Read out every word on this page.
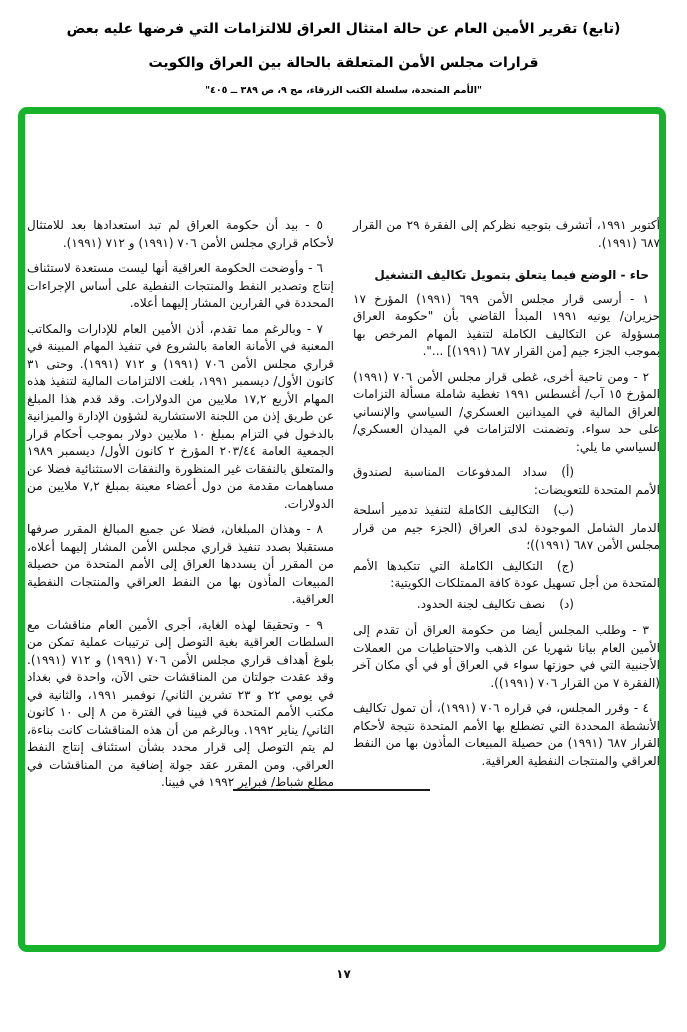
(تابع) تقرير الأمين العام عن حالة امتثال العراق للالتزامات التي فرضها عليه بعض
قرارات مجلس الأمن المتعلقة بالحالة بين العراق والكويت
"الأمم المتحدة، سلسلة الكتب الزرقاء، مج ٩، ص ٣٨٩ ــ ٤٠٥"

أكتوبر ١٩٩١، أتشرف بتوجيه نظركم إلى الفقرة ٢٩ من القرار ٦٨٧ (١٩٩١).

حاء - الوضع فيما يتعلق بتمويل تكاليف التشغيل

١ - أرسى قرار مجلس الأمن ٦٩٩ (١٩٩١) المؤرخ ١٧ حزيران/ يونيه ١٩٩١ المبدأ القاضي بأن "حكومة العراق مسؤولة عن التكاليف الكاملة لتنفيذ المهام المرخص بها بموجب الجزء جيم [من القرار ٦٨٧ (١٩٩١)] ...".

٢ - ومن ناحية أخرى، غطى قرار مجلس الأمن ٧٠٦ (١٩٩١) المؤرخ ١٥ آب/ أغسطس ١٩٩١ تغطية شاملة مسألة التزامات العراق المالية في الميدانين العسكري/ السياسي والإنساني على حد سواء. وتضمنت الالتزامات في الميدان العسكري/ السياسي ما يلي:

(أ)سداد المدفوعات المناسبة لصندوق الأمم المتحدة للتعويضات:

(ب)التكاليف الكاملة لتنفيذ تدمير أسلحة الدمار الشامل الموجودة لدى العراق (الجزء جيم من قرار مجلس الأمن ٦٨٧ (١٩٩١))؛

(ج)التكاليف الكاملة التي تتكبدها الأمم المتحدة من أجل تسهيل عودة كافة الممتلكات الكويتية:

(د)نصف تكاليف لجنة الحدود.

٣ - وطلب المجلس أيضا من حكومة العراق أن تقدم إلى الأمين العام بيانا شهريا عن الذهب والاحتياطيات من العملات الأجنبية التي في حوزتها سواء في العراق أو في أي مكان آخر (الفقرة ٧ من القرار ٧٠٦ (١٩٩١)).

٤ - وقرر المجلس، في قراره ٧٠٦ (١٩٩١)، أن تمول تكاليف الأنشطة المحددة التي تضطلع بها الأمم المتحدة نتيجة لأحكام القرار ٦٨٧ (١٩٩١) من حصيلة المبيعات المأذون بها من النفط العراقي والمنتجات النفطية العراقية.

٥ - بيد أن حكومة العراق لم تبد استعدادها بعد للامتثال لأحكام قراري مجلس الأمن ٧٠٦ (١٩٩١) و ٧١٢ (١٩٩١).

٦ - وأوضحت الحكومة العراقية أنها ليست مستعدة لاستئناف إنتاج وتصدير النفط والمنتجات النفطية على أساس الإجراءات المحددة في القرارين المشار إليهما أعلاه.

٧ - وبالرغم مما تقدم، أذن الأمين العام للإدارات والمكاتب المعنية في الأمانة العامة بالشروع في تنفيذ المهام المبينة في قراري مجلس الأمن ٧٠٦ (١٩٩١) و ٧١٢ (١٩٩١). وحتى ٣١ كانون الأول/ ديسمبر ١٩٩١، بلغت الالتزامات المالية لتنفيذ هذه المهام الأربع ١٧,٢ ملايين من الدولارات. وقد قدم هذا المبلغ عن طريق إذن من اللجنة الاستشارية لشؤون الإدارة والميزانية بالدخول في التزام بمبلغ ١٠ ملايين دولار بموجب أحكام قرار الجمعية العامة ٢٠٣/٤٤ المؤرخ ٢ كانون الأول/ ديسمبر ١٩٨٩ والمتعلق بالنفقات غير المنظورة والنفقات الاستثنائية فضلا عن مساهمات مقدمة من دول أعضاء معينة بمبلغ ٧,٢ ملايين من الدولارات.

٨ - وهذان المبلغان، فضلا عن جميع المبالغ المقرر صرفها مستقبلا بصدد تنفيذ قراري مجلس الأمن المشار إليهما أعلاه، من المقرر أن يسددها العراق إلى الأمم المتحدة من حصيلة المبيعات المأذون بها من النفط العراقي والمنتجات النفطية العراقية.

٩ - وتحقيقا لهذه الغاية، أجرى الأمين العام مناقشات مع السلطات العراقية بغية التوصل إلى ترتيبات عملية تمكن من بلوغ أهداف قراري مجلس الأمن ٧٠٦ (١٩٩١) و ٧١٢ (١٩٩١). وقد عقدت جولتان من المناقشات حتى الآن، واحدة في بغداد في يومي ٢٢ و ٢٣ تشرين الثاني/ نوفمبر ١٩٩١، والثانية في مكتب الأمم المتحدة في فيينا في الفترة من ٨ إلى ١٠ كانون الثاني/ يناير ١٩٩٢. وبالرغم من أن هذه المناقشات كانت بناءة، لم يتم التوصل إلى قرار محدد بشأن استئناف إنتاج النفط العراقي. ومن المقرر عقد جولة إضافية من المناقشات في مطلع شباط/ فبراير ١٩٩٢ في فيينا.

١٧
